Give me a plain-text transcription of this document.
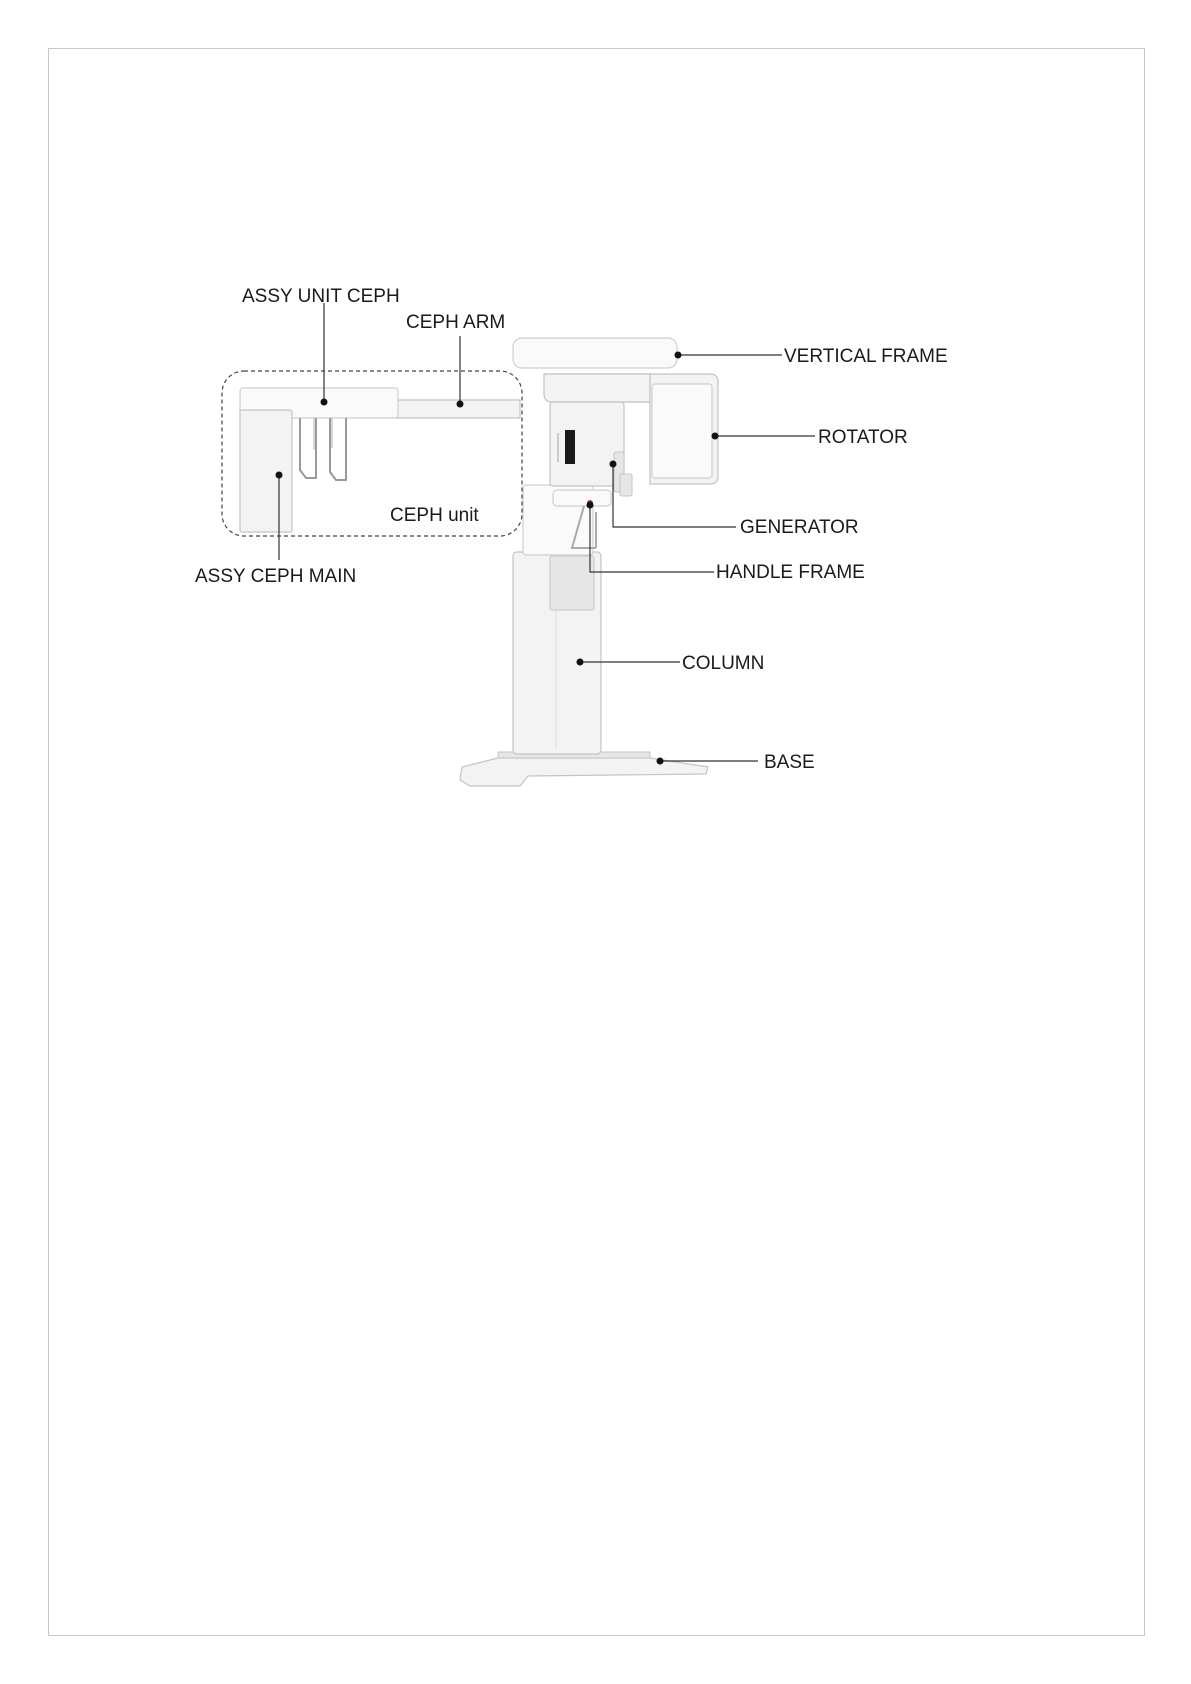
ASSY UNIT CEPH
CEPH ARM
VERTICAL FRAME
ROTATOR
CEPH unit
GENERATOR
ASSY CEPH MAIN	HANDLE FRAME
COLUMN
BASE
